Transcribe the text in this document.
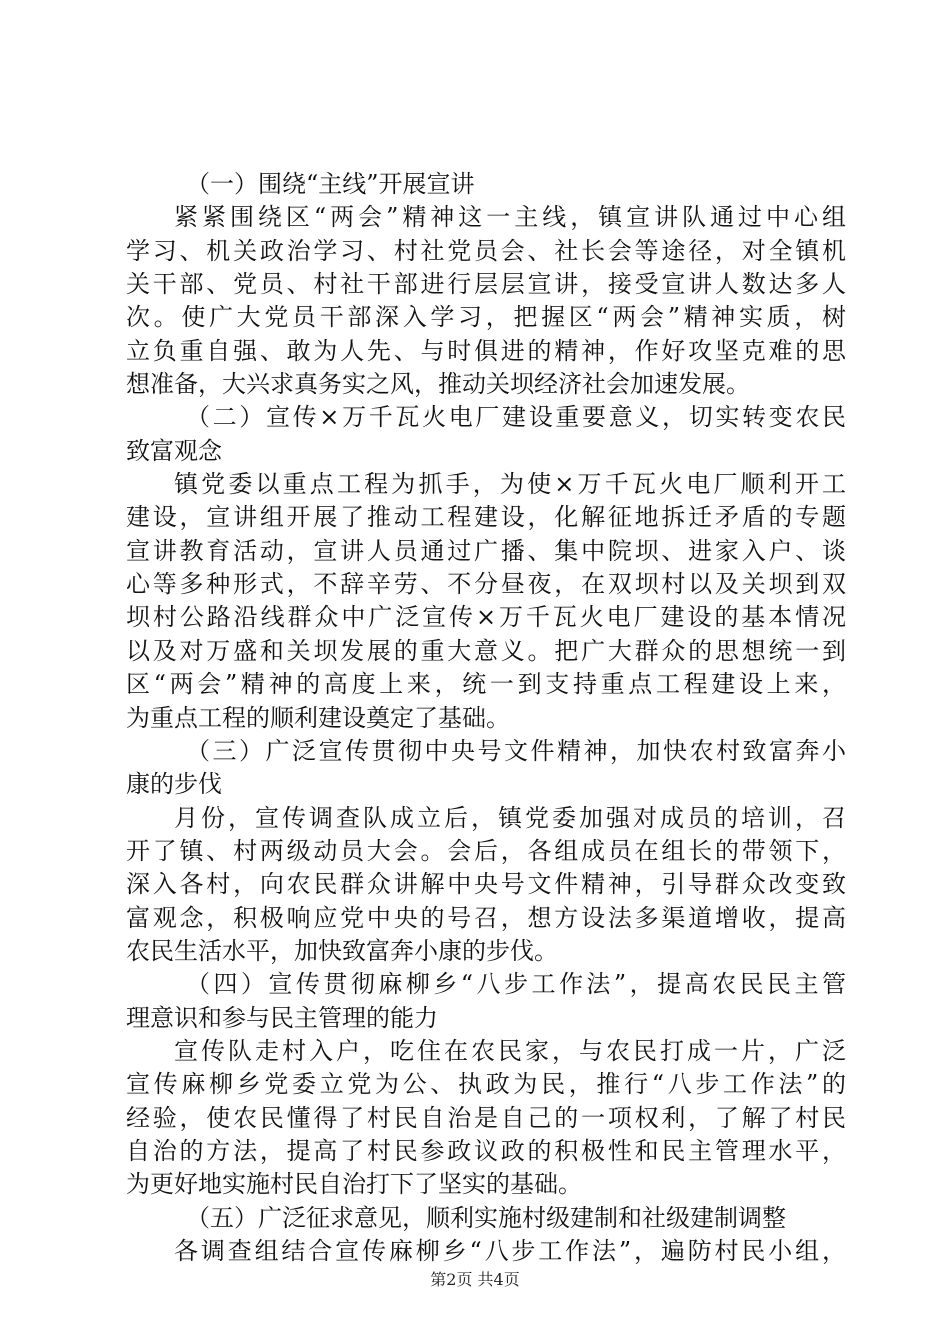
（一）围绕“主线”开展宣讲
紧紧围绕区“两会”精神这一主线，镇宣讲队通过中心组
学习、机关政治学习、村社党员会、社长会等途径，对全镇机
关干部、党员、村社干部进行层层宣讲，接受宣讲人数达多人
次。使广大党员干部深入学习，把握区“两会”精神实质，树
立负重自强、敢为人先、与时俱进的精神，作好攻坚克难的思
想准备，大兴求真务实之风，推动关坝经济社会加速发展。
（二）宣传×万千瓦火电厂建设重要意义，切实转变农民
致富观念
镇党委以重点工程为抓手，为使×万千瓦火电厂顺利开工
建设，宣讲组开展了推动工程建设，化解征地拆迁矛盾的专题
宣讲教育活动，宣讲人员通过广播、集中院坝、进家入户、谈
心等多种形式，不辞辛劳、不分昼夜，在双坝村以及关坝到双
坝村公路沿线群众中广泛宣传×万千瓦火电厂建设的基本情况
以及对万盛和关坝发展的重大意义。把广大群众的思想统一到
区“两会”精神的高度上来，统一到支持重点工程建设上来，
为重点工程的顺利建设奠定了基础。
（三）广泛宣传贯彻中央号文件精神，加快农村致富奔小
康的步伐
月份，宣传调查队成立后，镇党委加强对成员的培训，召
开了镇、村两级动员大会。会后，各组成员在组长的带领下，
深入各村，向农民群众讲解中央号文件精神，引导群众改变致
富观念，积极响应党中央的号召，想方设法多渠道增收，提高
农民生活水平，加快致富奔小康的步伐。
（四）宣传贯彻麻柳乡“八步工作法”，提高农民民主管
理意识和参与民主管理的能力
宣传队走村入户，吃住在农民家，与农民打成一片，广泛
宣传麻柳乡党委立党为公、执政为民，推行“八步工作法”的
经验，使农民懂得了村民自治是自己的一项权利，了解了村民
自治的方法，提高了村民参政议政的积极性和民主管理水平，
为更好地实施村民自治打下了坚实的基础。
（五）广泛征求意见，顺利实施村级建制和社级建制调整
各调查组结合宣传麻柳乡“八步工作法”，遍防村民小组，
第2页 共4页
